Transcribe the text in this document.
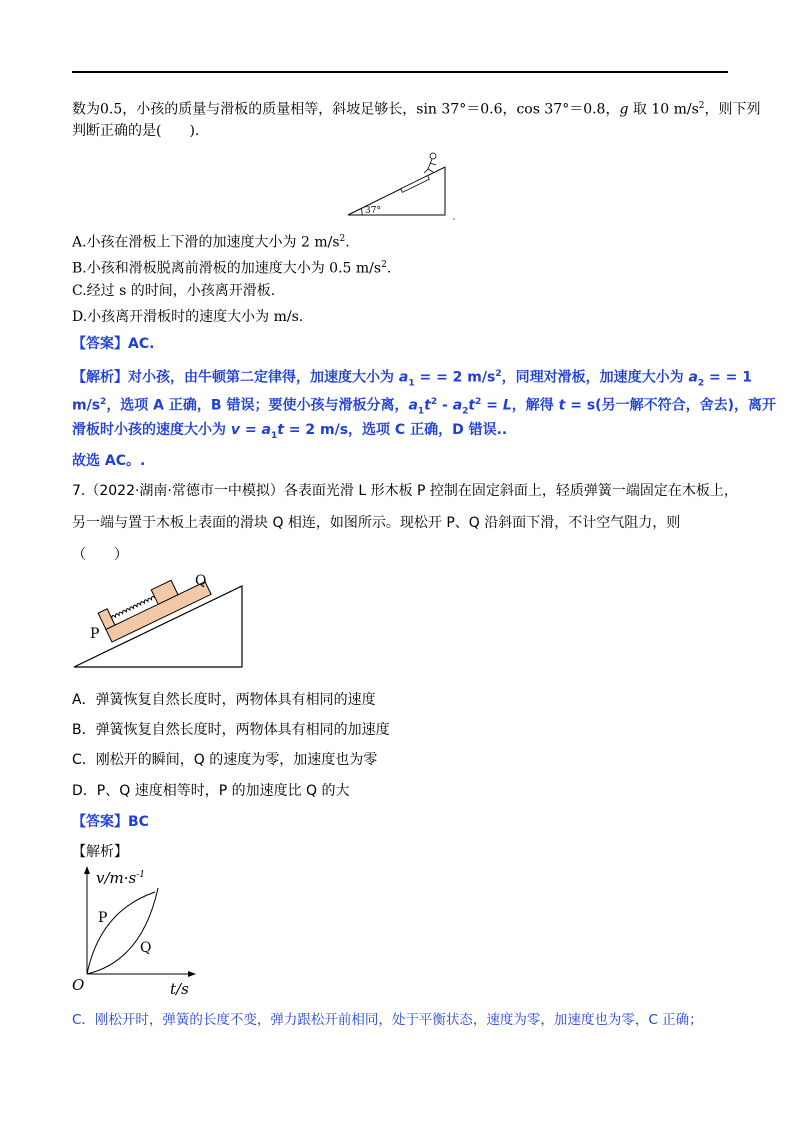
数为0.5，小孩的质量与滑板的质量相等，斜坡足够长，sin 37°＝0.6，cos 37°＝0.8，g 取 10 $m/s^2$，则下列
判断正确的是(　　).
37°
A.小孩在滑板上下滑的加速度大小为 2 $m/s^2$.
B.小孩和滑板脱离前滑板的加速度大小为 0.5 $m/s^2$.
C.经过 s 的时间，小孩离开滑板.
D.小孩离开滑板时的速度大小为 m/s.
【答案】AC.
【解析】对小孩，由牛顿第二定律得，加速度大小为 $a_1$ = = 2 $m/s^2$，同理对滑板，加速度大小为 $a_2$ = = 1
$m/s^2$，选项 A 正确，B 错误；要使小孩与滑板分离，$a_1t^2 - a_2t^2 = L$，解得 t = s(另一解不符合，舍去)，离开
滑板时小孩的速度大小为 $v = a_1t = 2$ m/s，选项 C 正确，D 错误..
故选 AC。.
7.（2022·湖南·常德市一中模拟）各表面光滑 L 形木板 P 控制在固定斜面上，轻质弹簧一端固定在木板上，
另一端与置于木板上表面的滑块 Q 相连，如图所示。现松开 P、Q 沿斜面下滑，不计空气阻力，则
（　　）
P
Q
A．弹簧恢复自然长度时，两物体具有相同的速度
B．弹簧恢复自然长度时，两物体具有相同的加速度
C．刚松开的瞬间，Q 的速度为零，加速度也为零
D．P、Q 速度相等时，P 的加速度比 Q 的大
【答案】BC
【解析】
$v/m\cdot s^{-1}$
t/s
O
P
Q
C．刚松开时，弹簧的长度不变，弹力跟松开前相同，处于平衡状态，速度为零，加速度也为零，C 正确；
